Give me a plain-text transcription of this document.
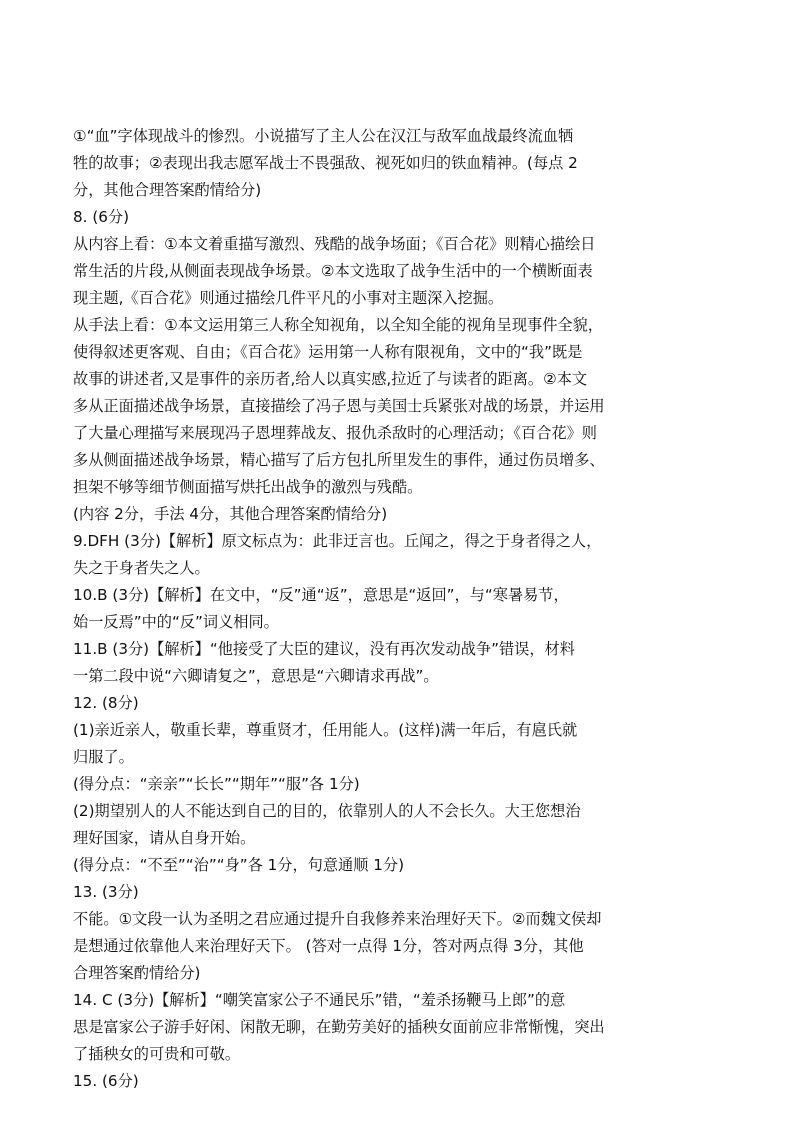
①“血”字体现战斗的惨烈。小说描写了主人公在汉江与敌军血战最终流血牺
牲的故事；②表现出我志愿军战士不畏强敌、视死如归的铁血精神。(每点 2
分，其他合理答案酌情给分)
8. (6分)
从内容上看：①本文着重描写激烈、残酷的战争场面；《百合花》则精心描绘日
常生活的片段,从侧面表现战争场景。②本文选取了战争生活中的一个横断面表
现主题,《百合花》则通过描绘几件平凡的小事对主题深入挖掘。
从手法上看：①本文运用第三人称全知视角，以全知全能的视角呈现事件全貌，
使得叙述更客观、自由；《百合花》运用第一人称有限视角，文中的“我”既是
故事的讲述者,又是事件的亲历者,给人以真实感,拉近了与读者的距离。②本文
多从正面描述战争场景，直接描绘了冯子恩与美国士兵紧张对战的场景，并运用
了大量心理描写来展现冯子恩埋葬战友、报仇杀敌时的心理活动；《百合花》则
多从侧面描述战争场景，精心描写了后方包扎所里发生的事件，通过伤员增多、
担架不够等细节侧面描写烘托出战争的激烈与残酷。
(内容 2分，手法 4分，其他合理答案酌情给分)
9.DFH (3分)【解析】原文标点为：此非迂言也。丘闻之，得之于身者得之人，
失之于身者失之人。
10.B (3分)【解析】在文中，“反”通“返”，意思是“返回”，与“寒暑易节，
始一反焉”中的“反”词义相同。
11.B (3分)【解析】“他接受了大臣的建议，没有再次发动战争”错误，材料
一第二段中说“六卿请复之”，意思是“六卿请求再战”。
12. (8分)
(1)亲近亲人，敬重长辈，尊重贤才，任用能人。(这样)满一年后，有扈氏就
归服了。
(得分点：“亲亲”“长长”“期年”“服”各 1分)
(2)期望别人的人不能达到自己的目的，依靠别人的人不会长久。大王您想治
理好国家，请从自身开始。
(得分点：“不至”“治”“身”各 1分，句意通顺 1分)
13. (3分)
不能。①文段一认为圣明之君应通过提升自我修养来治理好天下。②而魏文侯却
是想通过依靠他人来治理好天下。 (答对一点得 1分，答对两点得 3分，其他
合理答案酌情给分)
14. C (3分)【解析】“嘲笑富家公子不通民乐”错，“羞杀扬鞭马上郎”的意
思是富家公子游手好闲、闲散无聊，在勤劳美好的插秧女面前应非常惭愧，突出
了插秧女的可贵和可敬。
15. (6分)
